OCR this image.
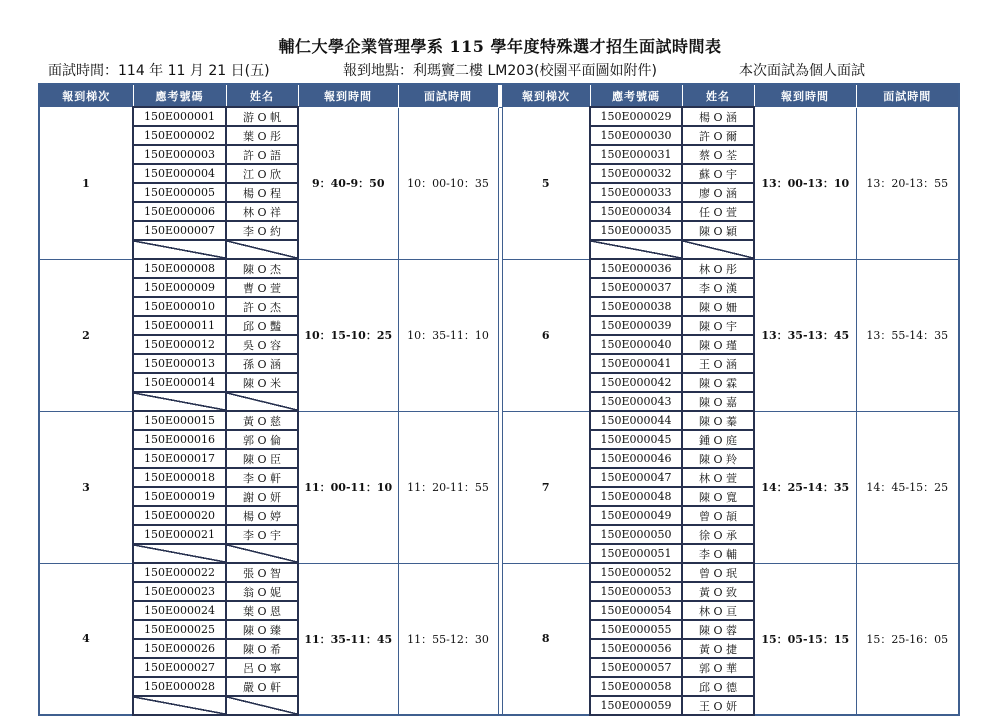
輔仁大學企業管理學系 115 學年度特殊選才招生面試時間表
面試時間：114 年 11 月 21 日(五)	報到地點：利瑪竇二樓 LM203(校園平面圖如附件)	本次面試為個人面試
報到梯次	應考號碼	姓名	報到時間	面試時間		報到梯次	應考號碼	姓名	報到時間	面試時間
1	150E000001	游 O 帆	9：40-9：50	10：00-10：35		5	150E000029	楊 O 涵	13：00-13：10	13：20-13：55
	150E000002	葉 O 彤					150E000030	許 O 爾		
	150E000003	許 O 語					150E000031	蔡 O 荃		
	150E000004	江 O 欣					150E000032	蘇 O 宇		
	150E000005	楊 O 程					150E000033	廖 O 涵		
	150E000006	林 O 祥					150E000034	任 O 萱		
	150E000007	李 O 約					150E000035	陳 O 穎		

2	150E000008	陳 O 杰	10：15-10：25	10：35-11：10		6	150E000036	林 O 彤	13：35-13：45	13：55-14：35
	150E000009	曹 O 萱					150E000037	李 O 漢		
	150E000010	許 O 杰					150E000038	陳 O 姍		
	150E000011	邱 O 豔					150E000039	陳 O 宇		
	150E000012	吳 O 容					150E000040	陳 O 瑾		
	150E000013	孫 O 涵					150E000041	王 O 涵		
	150E000014	陳 O 米					150E000042	陳 O 霖		
							150E000043	陳 O 嘉		
3	150E000015	黃 O 慈	11：00-11：10	11：20-11：55		7	150E000044	陳 O 蓁	14：25-14：35	14：45-15：25
	150E000016	郭 O 倫					150E000045	鍾 O 庭		
	150E000017	陳 O 臣					150E000046	陳 O 羚		
	150E000018	李 O 軒					150E000047	林 O 萱		
	150E000019	謝 O 妍					150E000048	陳 O 寬		
	150E000020	楊 O 婷					150E000049	曾 O 頡		
	150E000021	李 O 宇					150E000050	徐 O 承		
							150E000051	李 O 輔		
4	150E000022	張 O 智	11：35-11：45	11：55-12：30		8	150E000052	曾 O 珉	15：05-15：15	15：25-16：05
	150E000023	翁 O 妮					150E000053	黃 O 致		
	150E000024	葉 O 恩					150E000054	林 O 亘		
	150E000025	陳 O 臻					150E000055	陳 O 蓉		
	150E000026	陳 O 希					150E000056	黃 O 捷		
	150E000027	呂 O 寧					150E000057	郭 O 華		
	150E000028	嚴 O 軒					150E000058	邱 O 德		
							150E000059	王 O 妍		
